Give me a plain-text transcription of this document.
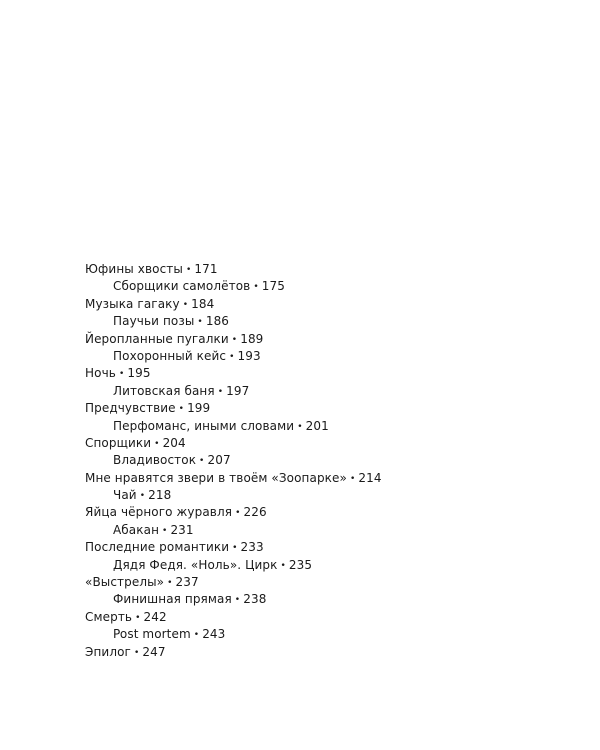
Юфины хвосты • 171
Сборщики самолётов • 175
Музыка гагаку • 184
Паучьи позы • 186
Йеропланные пугалки • 189
Похоронный кейс • 193
Ночь • 195
Литовская баня • 197
Предчувствие • 199
Перфоманс, иными словами • 201
Спорщики • 204
Владивосток • 207
Мне нравятся звери в твоём «Зоопарке» • 214
Чай • 218
Яйца чёрного журавля • 226
Абакан • 231
Последние романтики • 233
Дядя Федя. «Ноль». Цирк • 235
«Выстрелы» • 237
Финишная прямая • 238
Смерть • 242
Post mortem • 243
Эпилог • 247
